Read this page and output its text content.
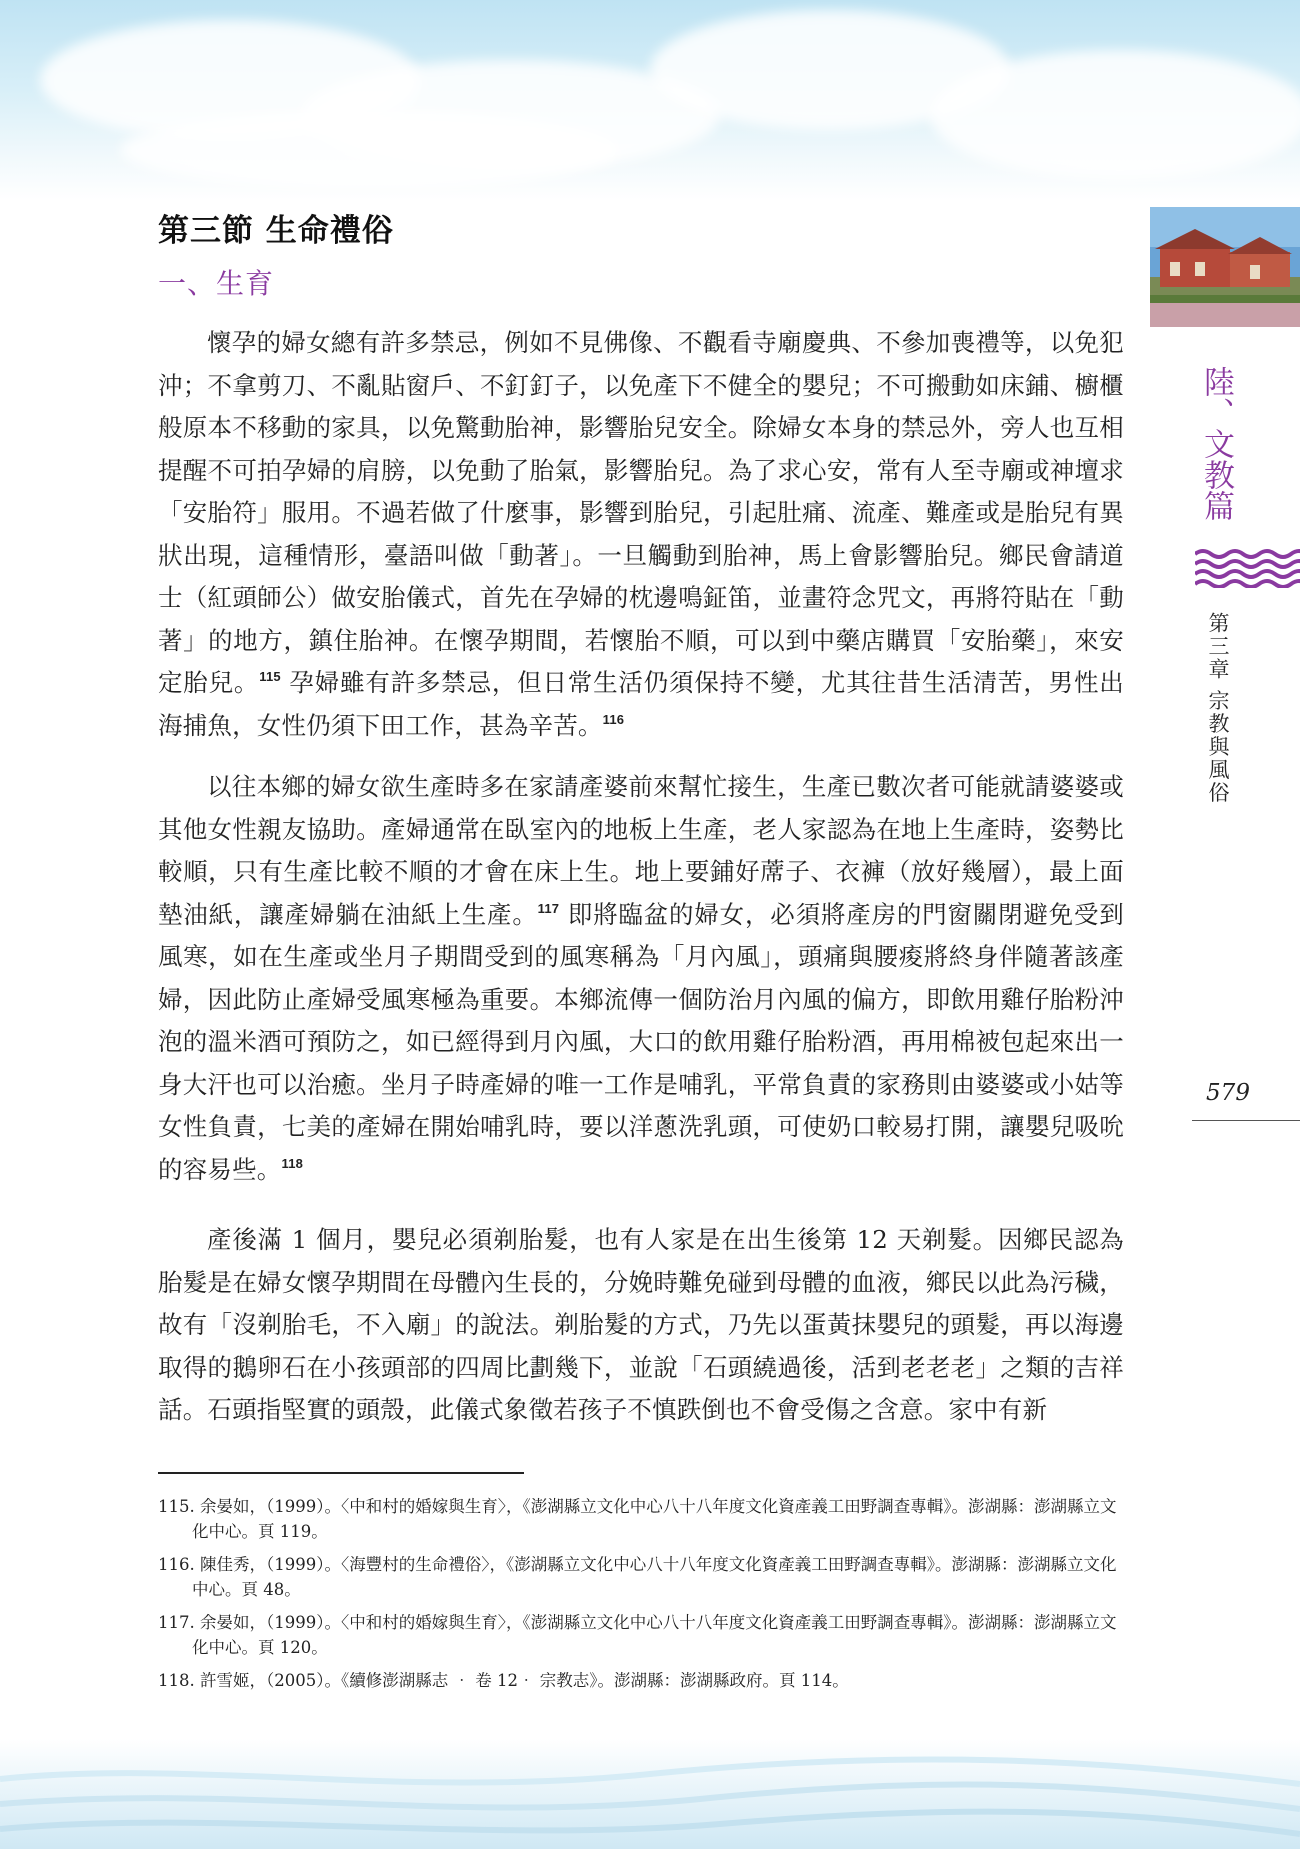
陸、文教篇
第三章 宗教與風俗
579
第三節 生命禮俗
一、生育
懷孕的婦女總有許多禁忌，例如不見佛像、不觀看寺廟慶典、不參加喪禮等，以免犯沖；不拿剪刀、不亂貼窗戶、不釘釘子，以免產下不健全的嬰兒；不可搬動如床鋪、櫥櫃般原本不移動的家具，以免驚動胎神，影響胎兒安全。除婦女本身的禁忌外，旁人也互相提醒不可拍孕婦的肩膀，以免動了胎氣，影響胎兒。為了求心安，常有人至寺廟或神壇求「安胎符」服用。不過若做了什麼事，影響到胎兒，引起肚痛、流產、難產或是胎兒有異狀出現，這種情形，臺語叫做「動著」。一旦觸動到胎神，馬上會影響胎兒。鄉民會請道士（紅頭師公）做安胎儀式，首先在孕婦的枕邊鳴鉦笛，並畫符念咒文，再將符貼在「動著」的地方，鎮住胎神。在懷孕期間，若懷胎不順，可以到中藥店購買「安胎藥」，來安定胎兒。$^{115}$ 孕婦雖有許多禁忌，但日常生活仍須保持不變，尤其往昔生活清苦，男性出海捕魚，女性仍須下田工作，甚為辛苦。$^{116}$
以往本鄉的婦女欲生產時多在家請產婆前來幫忙接生，生產已數次者可能就請婆婆或其他女性親友協助。產婦通常在臥室內的地板上生產，老人家認為在地上生產時，姿勢比較順，只有生產比較不順的才會在床上生。地上要鋪好蓆子、衣褲（放好幾層），最上面墊油紙，讓產婦躺在油紙上生產。$^{117}$ 即將臨盆的婦女，必須將產房的門窗關閉避免受到風寒，如在生產或坐月子期間受到的風寒稱為「月內風」，頭痛與腰痠將終身伴隨著該產婦，因此防止產婦受風寒極為重要。本鄉流傳一個防治月內風的偏方，即飲用雞仔胎粉沖泡的溫米酒可預防之，如已經得到月內風，大口的飲用雞仔胎粉酒，再用棉被包起來出一身大汗也可以治癒。坐月子時產婦的唯一工作是哺乳，平常負責的家務則由婆婆或小姑等女性負責，七美的產婦在開始哺乳時，要以洋蔥洗乳頭，可使奶口較易打開，讓嬰兒吸吮的容易些。$^{118}$
產後滿 1 個月，嬰兒必須剃胎髮，也有人家是在出生後第 12 天剃髮。因鄉民認為胎髮是在婦女懷孕期間在母體內生長的，分娩時難免碰到母體的血液，鄉民以此為污穢，故有「沒剃胎毛，不入廟」的說法。剃胎髮的方式，乃先以蛋黃抹嬰兒的頭髮，再以海邊取得的鵝卵石在小孩頭部的四周比劃幾下，並說「石頭繞過後，活到老老老」之類的吉祥話。石頭指堅實的頭殼，此儀式象徵若孩子不慎跌倒也不會受傷之含意。家中有新
115. 余晏如，（1999）。〈中和村的婚嫁與生育〉，《澎湖縣立文化中心八十八年度文化資產義工田野調查專輯》。澎湖縣：澎湖縣立文化中心。頁 119。
116. 陳佳秀，（1999）。〈海豐村的生命禮俗〉，《澎湖縣立文化中心八十八年度文化資產義工田野調查專輯》。澎湖縣：澎湖縣立文化中心。頁 48。
117. 余晏如，（1999）。〈中和村的婚嫁與生育〉，《澎湖縣立文化中心八十八年度文化資產義工田野調查專輯》。澎湖縣：澎湖縣立文化中心。頁 120。
118. 許雪姬，（2005）。《續修澎湖縣志 ‧ 卷 12‧ 宗教志》。澎湖縣：澎湖縣政府。頁 114。
